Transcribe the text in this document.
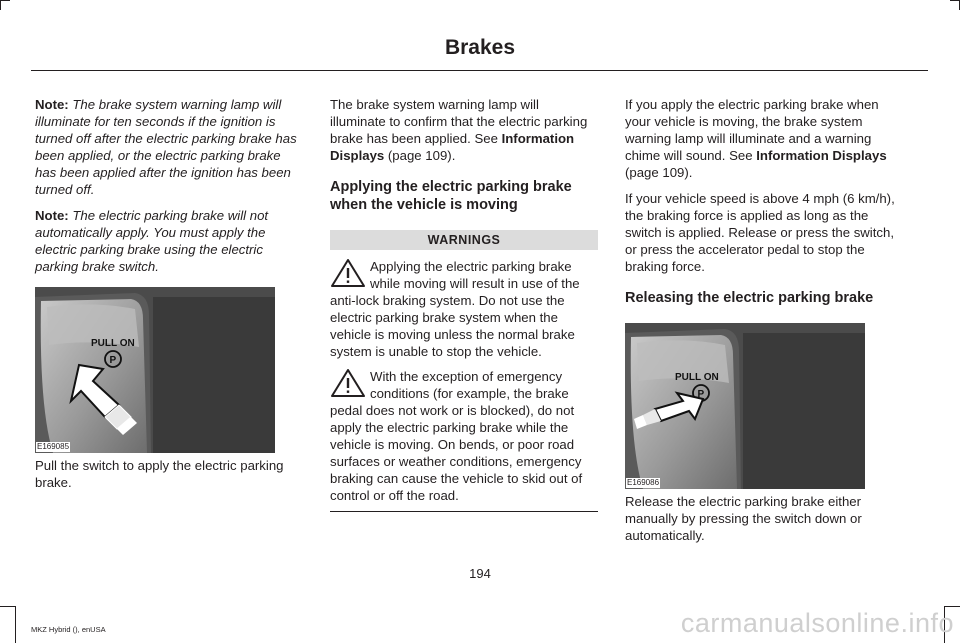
Brakes

Note: The brake system warning lamp will illuminate for ten seconds if the ignition is turned off after the electric parking brake has been applied, or the electric parking brake has been applied after the ignition has been turned off.

Note: The electric parking brake will not automatically apply. You must apply the electric parking brake using the electric parking brake switch.

PULL ON
P
E169085

Pull the switch to apply the electric parking brake.

The brake system warning lamp will illuminate to confirm that the electric parking brake has been applied. See Information Displays (page 109).

Applying the electric parking brake when the vehicle is moving
WARNINGS
Applying the electric parking brake while moving will result in use of the anti-lock braking system. Do not use the electric parking brake system when the vehicle is moving unless the normal brake system is unable to stop the vehicle.
With the exception of emergency conditions (for example, the brake pedal does not work or is blocked), do not apply the electric parking brake while the vehicle is moving. On bends, or poor road surfaces or weather conditions, emergency braking can cause the vehicle to skid out of control or off the road.

If you apply the electric parking brake when your vehicle is moving, the brake system warning lamp will illuminate and a warning chime will sound. See Information Displays (page 109).

If your vehicle speed is above 4 mph (6 km/h), the braking force is applied as long as the switch is applied. Release or press the switch, or press the accelerator pedal to stop the braking force.

Releasing the electric parking brake
PULL ON
P
E169086

Release the electric parking brake either manually by pressing the switch down or automatically.

194
MKZ Hybrid (), enUSA	carmanualsonline.info
